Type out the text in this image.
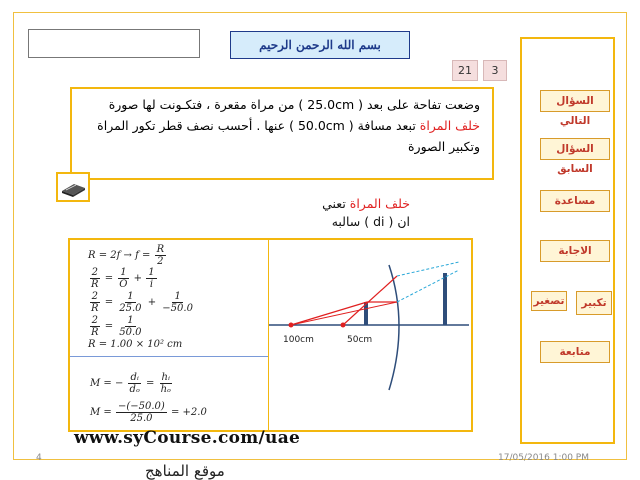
بسم الله الرحمن الرحيم
21	3
وضعت تفاحة على بعد ( 25.0cm ) من مراة مقعرة ، فتكـونت لها صورة
خلف المراة تبعد مسافة ( 50.0cm ) عنها . أحسب نصف قطر تكور المراة
وتكبير الصورة
خلف المراة تعني
ان ( di ) سالبه
$R = 2f \to f = \frac{R}{2}$
$\frac{2}{R} = \frac{1}{O} + \frac{1}{i}$
$\frac{2}{R} = \frac{1}{25.0} + \frac{1}{-50.0}$
$\frac{2}{R} = \frac{1}{50.0}$
R = 1.00 × 10² cm
M = − $\frac{\text{dᵢ}}{\text{dₒ}} = \frac{\text{hᵢ}}{\text{hₒ}}$
$M = \frac{-(-50.0)}{25.0} = +2.0$
100cm	50cm
السؤال التالي
السؤال السابق
مساعدة
الاجابة
تصغير	تكبير
متابعة
4	17/05/2016 1:00 PM
www.syCourse.com/uae
موقع المناهج
